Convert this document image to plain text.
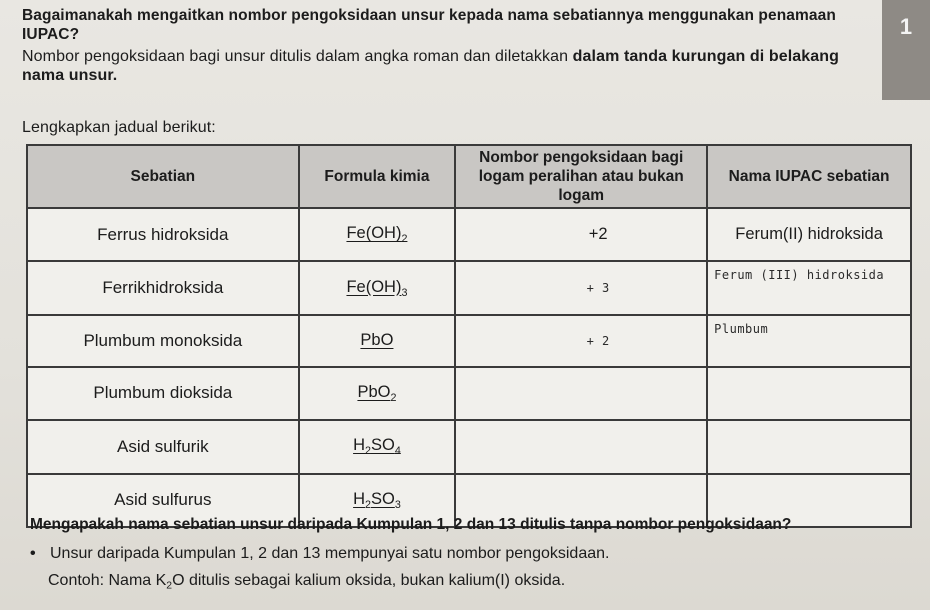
1
Bagaimanakah mengaitkan nombor pengoksidaan unsur kepada nama sebatiannya menggunakan penamaan IUPAC?
Nombor pengoksidaan bagi unsur ditulis dalam angka roman dan diletakkan dalam tanda kurungan di belakang nama unsur.
Lengkapkan jadual berikut:
Sebatian	Formula kimia	Nombor pengoksidaan bagi logam peralihan atau bukan logam	Nama IUPAC sebatian
Ferrus hidroksida	$Fe(OH)_2$	+2	Ferum(II) hidroksida
Ferrikhidroksida	$Fe(OH)_3$	+ 3	Ferum (III) hidroksida
Plumbum monoksida	PbO	+ 2	Plumbum
Plumbum dioksida	PbO$_2$		
Asid sulfurik	$H_2SO_4$		
Asid sulfurus	$H_2SO_3$		
Mengapakah nama sebatian unsur daripada Kumpulan 1, 2 dan 13 ditulis tanpa nombor pengoksidaan?
• Unsur daripada Kumpulan 1, 2 dan 13 mempunyai satu nombor pengoksidaan.
Contoh: Nama $K_2O$ ditulis sebagai kalium oksida, bukan kalium(I) oksida.
